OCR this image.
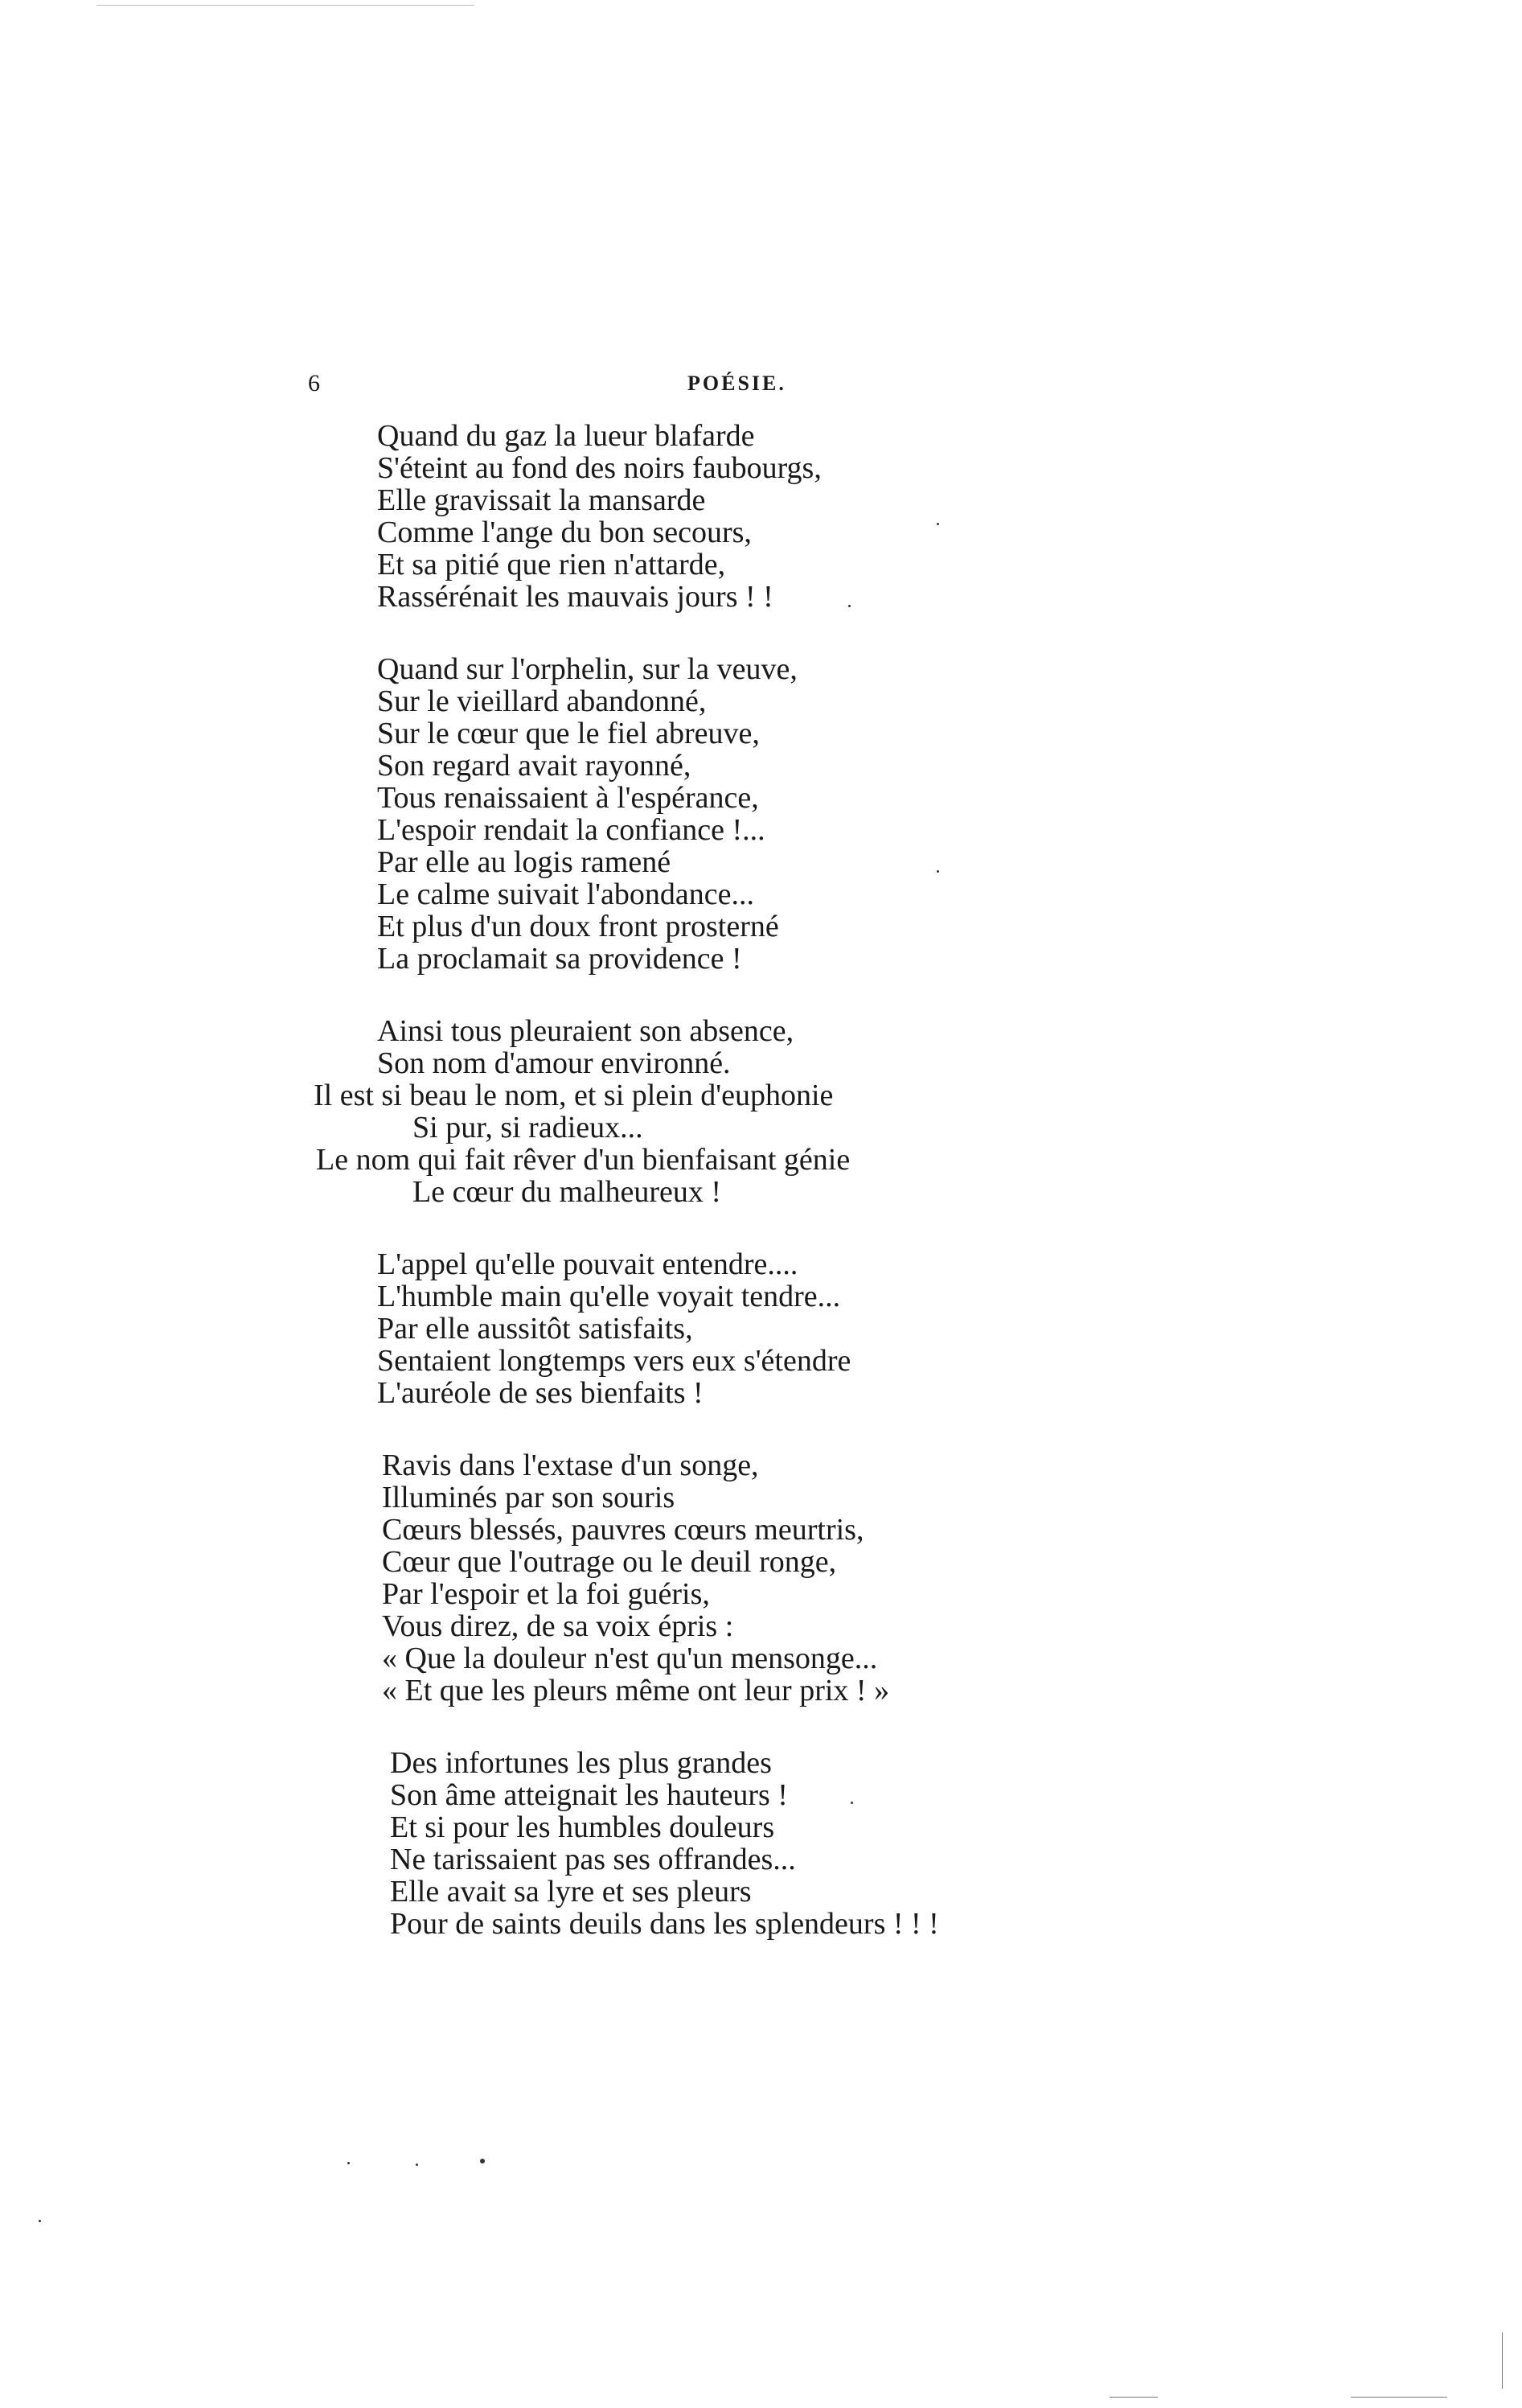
6	POÉSIE.
Quand du gaz la lueur blafarde
S'éteint au fond des noirs faubourgs,
Elle gravissait la mansarde
Comme l'ange du bon secours,
Et sa pitié que rien n'attarde,
Rassérénait les mauvais jours ! !
Quand sur l'orphelin, sur la veuve,
Sur le vieillard abandonné,
Sur le cœur que le fiel abreuve,
Son regard avait rayonné,
Tous renaissaient à l'espérance,
L'espoir rendait la confiance !...
Par elle au logis ramené
Le calme suivait l'abondance...
Et plus d'un doux front prosterné
La proclamait sa providence !
Ainsi tous pleuraient son absence,
Son nom d'amour environné.
Il est si beau le nom, et si plein d'euphonie
Si pur, si radieux...
Le nom qui fait rêver d'un bienfaisant génie
Le cœur du malheureux !
L'appel qu'elle pouvait entendre....
L'humble main qu'elle voyait tendre...
Par elle aussitôt satisfaits,
Sentaient longtemps vers eux s'étendre
L'auréole de ses bienfaits !
Ravis dans l'extase d'un songe,
Illuminés par son souris
Cœurs blessés, pauvres cœurs meurtris,
Cœur que l'outrage ou le deuil ronge,
Par l'espoir et la foi guéris,
Vous direz, de sa voix épris :
« Que la douleur n'est qu'un mensonge...
« Et que les pleurs même ont leur prix ! »
Des infortunes les plus grandes
Son âme atteignait les hauteurs !
Et si pour les humbles douleurs
Ne tarissaient pas ses offrandes...
Elle avait sa lyre et ses pleurs
Pour de saints deuils dans les splendeurs ! ! !
